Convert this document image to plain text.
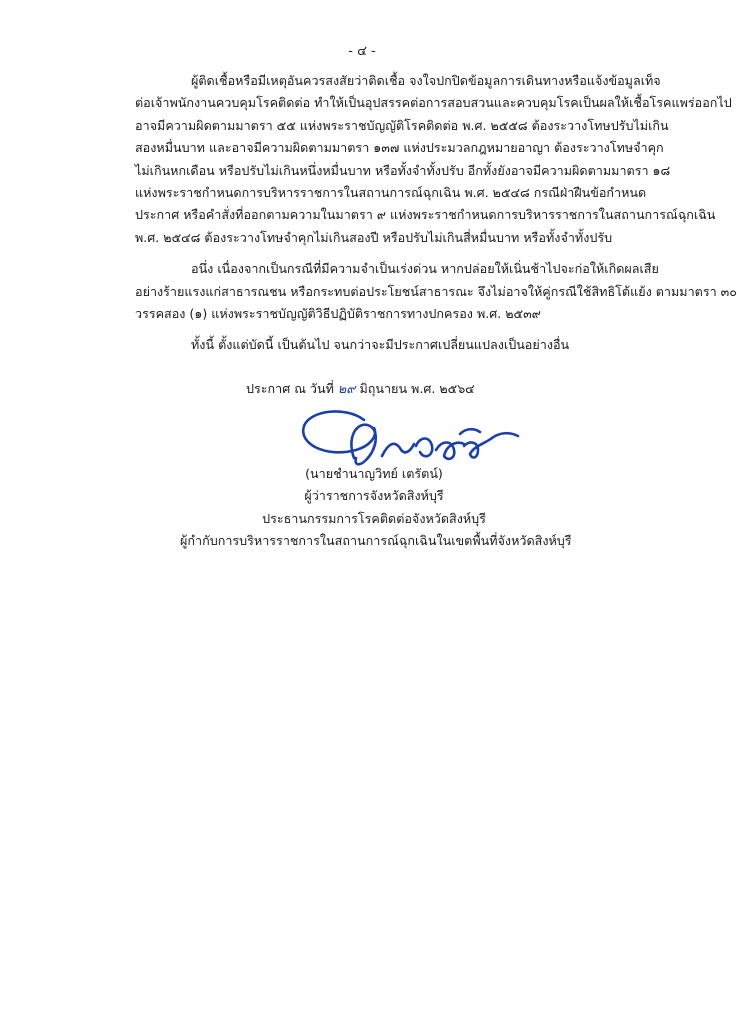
- ๔ -
ผู้ติดเชื้อหรือมีเหตุอันควรสงสัยว่าติดเชื้อ จงใจปกปิดข้อมูลการเดินทางหรือแจ้งข้อมูลเท็จ
ต่อเจ้าพนักงานควบคุมโรคติดต่อ ทำให้เป็นอุปสรรคต่อการสอบสวนและควบคุมโรคเป็นผลให้เชื้อโรคแพร่ออกไป
อาจมีความผิดตามมาตรา ๕๕ แห่งพระราชบัญญัติโรคติดต่อ พ.ศ. ๒๕๕๘ ต้องระวางโทษปรับไม่เกิน
สองหมื่นบาท และอาจมีความผิดตามมาตรา ๑๓๗ แห่งประมวลกฎหมายอาญา ต้องระวางโทษจำคุก
ไม่เกินหกเดือน หรือปรับไม่เกินหนึ่งหมื่นบาท หรือทั้งจำทั้งปรับ อีกทั้งยังอาจมีความผิดตามมาตรา ๑๘
แห่งพระราชกำหนดการบริหารราชการในสถานการณ์ฉุกเฉิน พ.ศ. ๒๕๔๘ กรณีฝ่าฝืนข้อกำหนด
ประกาศ หรือคำสั่งที่ออกตามความในมาตรา ๙ แห่งพระราชกำหนดการบริหารราชการในสถานการณ์ฉุกเฉิน
พ.ศ. ๒๕๔๘ ต้องระวางโทษจำคุกไม่เกินสองปี หรือปรับไม่เกินสี่หมื่นบาท หรือทั้งจำทั้งปรับ
อนึ่ง เนื่องจากเป็นกรณีที่มีความจำเป็นเร่งด่วน หากปล่อยให้เนิ่นช้าไปจะก่อให้เกิดผลเสีย
อย่างร้ายแรงแก่สาธารณชน หรือกระทบต่อประโยชน์สาธารณะ จึงไม่อาจให้คู่กรณีใช้สิทธิโต้แย้ง ตามมาตรา ๓๐
วรรคสอง (๑) แห่งพระราชบัญญัติวิธีปฏิบัติราชการทางปกครอง พ.ศ. ๒๕๓๙
ทั้งนี้ ตั้งแต่บัดนี้ เป็นต้นไป จนกว่าจะมีประกาศเปลี่ยนแปลงเป็นอย่างอื่น
ประกาศ ณ วันที่ ๒๙ มิถุนายน พ.ศ. ๒๕๖๔
(นายชำนาญวิทย์ เตรัตน์)
ผู้ว่าราชการจังหวัดสิงห์บุรี
ประธานกรรมการโรคติดต่อจังหวัดสิงห์บุรี
ผู้กำกับการบริหารราชการในสถานการณ์ฉุกเฉินในเขตพื้นที่จังหวัดสิงห์บุรี
